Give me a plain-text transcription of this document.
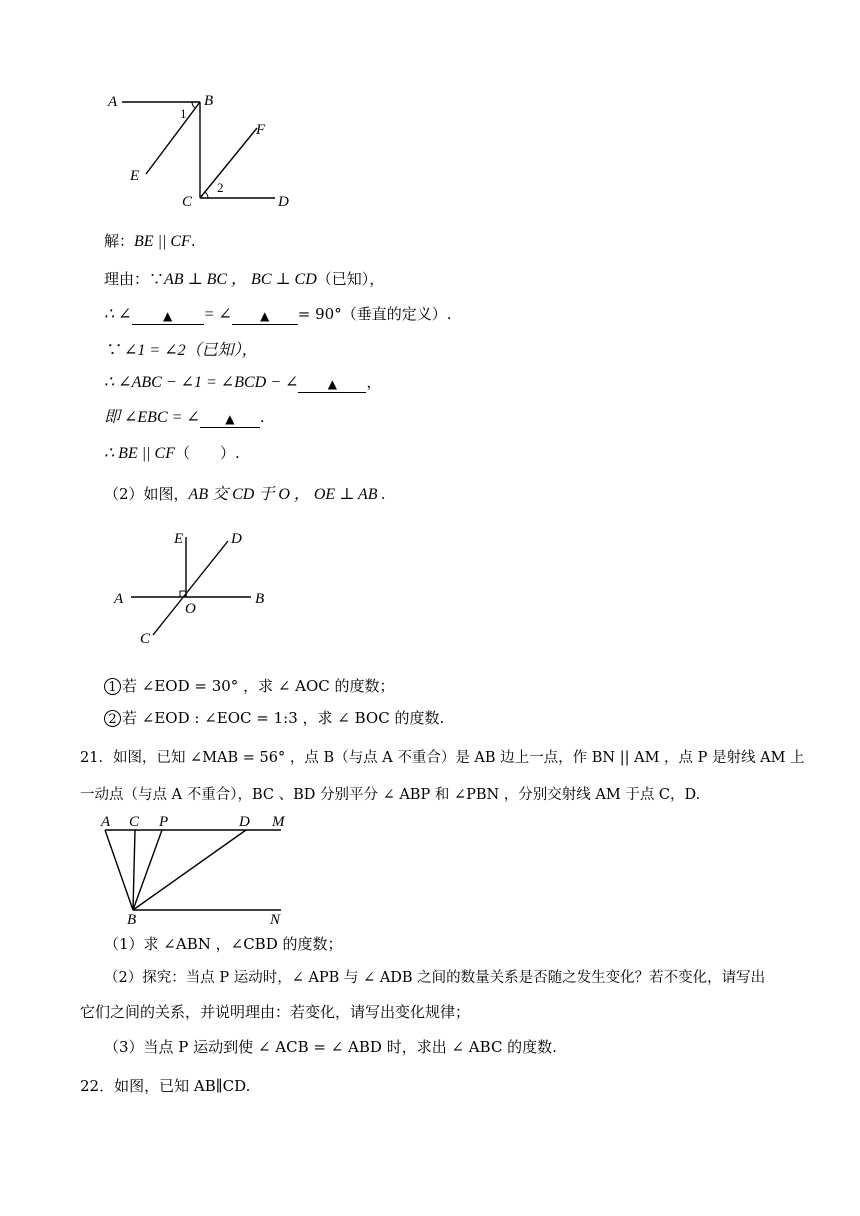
A	B
E
F
C	D
1
2
解：BE || CF.
理由：∵AB ⊥ BC ， BC ⊥ CD（已知），
∴ ∠	▲ = ∠ ▲ = 90°（垂直的定义）.
∵ ∠1 = ∠2（已知），
∴ ∠ABC − ∠1 = ∠BCD − ∠ ▲ ，
即 ∠EBC = ∠ ▲ .
∴ BE || CF（　　）.
（2）如图，AB 交 CD 于 O ， OE ⊥ AB .
E	D
A	B
O
C
1 若 ∠EOD = 30° ，求 ∠ AOC 的度数；
2 若 ∠EOD : ∠EOC = 1:3 ，求 ∠ BOC 的度数.
21．如图，已知 ∠MAB = 56° ，点 B（与点 A 不重合）是 AB 边上一点，作 BN || AM ，点 P 是射线 AM 上
一动点（与点 A 不重合），BC 、BD 分别平分 ∠ ABP 和 ∠PBN ，分别交射线 AM 于点 C，D.
A C P	D M
B	N
（1）求 ∠ABN ，∠CBD 的度数；
（2）探究：当点 P 运动时，∠ APB 与 ∠ ADB 之间的数量关系是否随之发生变化？若不变化，请写出
它们之间的关系，并说明理由：若变化，请写出变化规律；
（3）当点 P 运动到使 ∠ ACB = ∠ ABD 时，求出 ∠ ABC 的度数.
22．如图，已知 AB∥CD.
